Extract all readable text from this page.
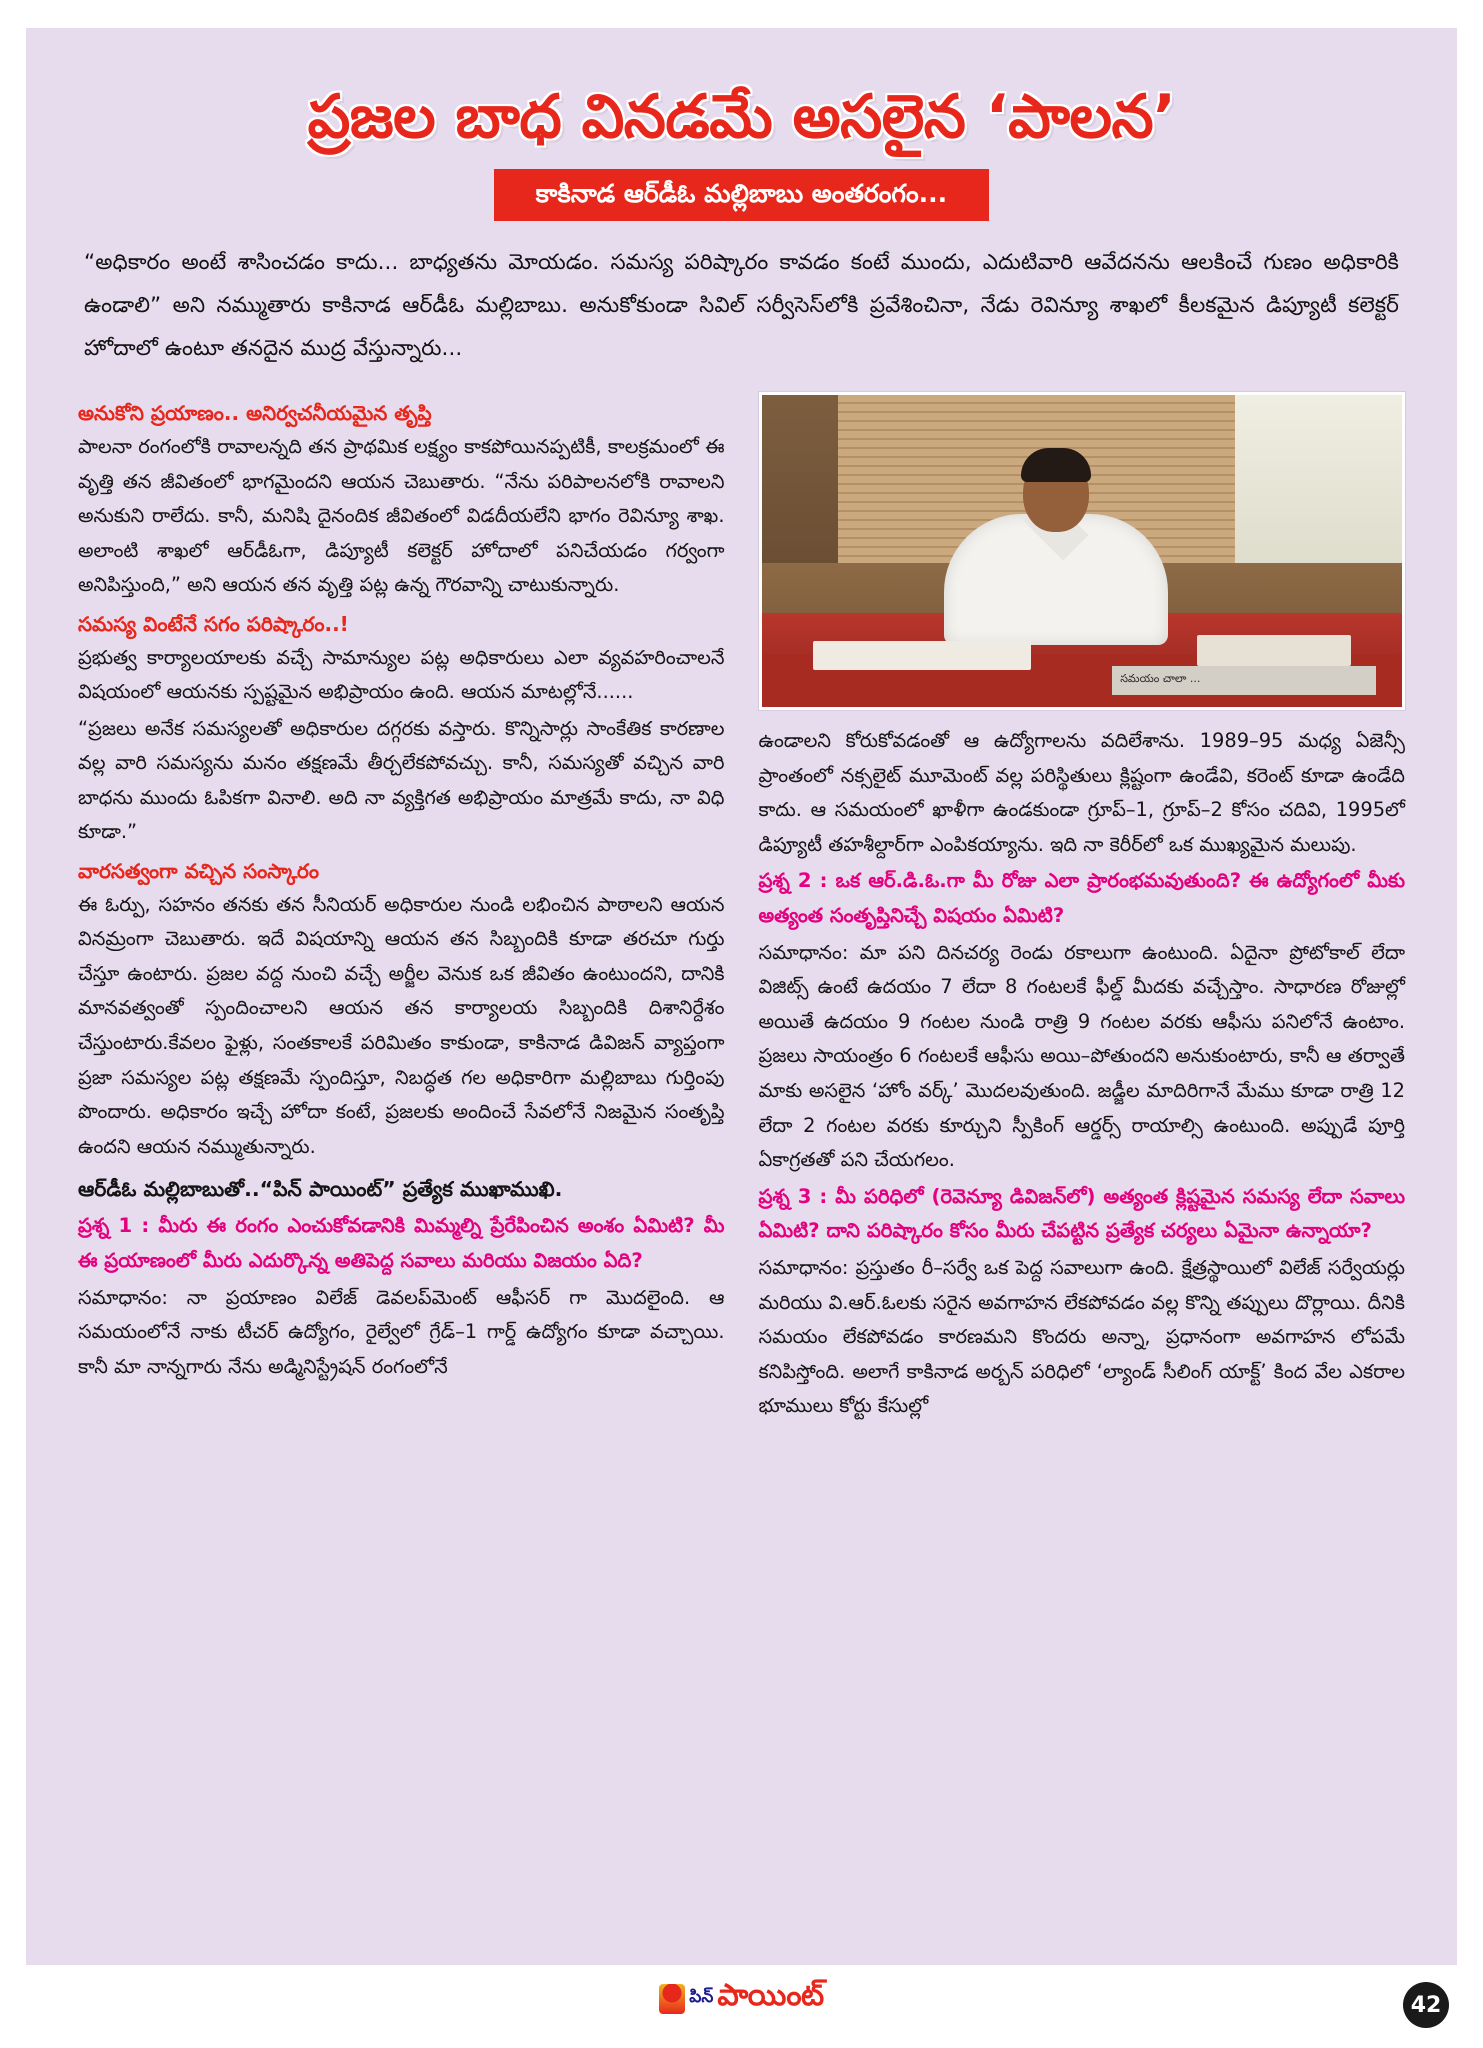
ప్రజల బాధ వినడమే అసలైన ‘పాలన’
కాకినాడ ఆర్‌డీఓ మల్లిబాబు అంతరంగం...

“అధికారం అంటే శాసించడం కాదు... బాధ్యతను మోయడం. సమస్య పరిష్కారం కావడం కంటే ముందు, ఎదుటివారి ఆవేదనను ఆలకించే గుణం అధికారికి ఉండాలి” అని నమ్ముతారు కాకినాడ ఆర్‌డీఓ మల్లిబాబు. అనుకోకుండా సివిల్ సర్వీసెస్‌లోకి ప్రవేశించినా, నేడు రెవిన్యూ శాఖలో కీలకమైన డిప్యూటీ కలెక్టర్ హోదాలో ఉంటూ తనదైన ముద్ర వేస్తున్నారు...

అనుకోని ప్రయాణం.. అనిర్వచనీయమైన తృప్తి

పాలనా రంగంలోకి రావాలన్నది తన ప్రాథమిక లక్ష్యం కాకపోయినప్పటికీ, కాలక్రమంలో ఈ వృత్తి తన జీవితంలో భాగమైందని ఆయన చెబుతారు. “నేను పరిపాలనలోకి రావాలని అనుకుని రాలేదు. కానీ, మనిషి దైనందిక జీవితంలో విడదీయలేని భాగం రెవిన్యూ శాఖ. అలాంటి శాఖలో ఆర్‌డీఓగా, డిప్యూటీ కలెక్టర్ హోదాలో పనిచేయడం గర్వంగా అనిపిస్తుంది,” అని ఆయన తన వృత్తి పట్ల ఉన్న గౌరవాన్ని చాటుకున్నారు.

సమస్య వింటేనే సగం పరిష్కారం..!

ప్రభుత్వ కార్యాలయాలకు వచ్చే సామాన్యుల పట్ల అధికారులు ఎలా వ్యవహరించాలనే విషయంలో ఆయనకు స్పష్టమైన అభిప్రాయం ఉంది. ఆయన మాటల్లోనే......

“ప్రజలు అనేక సమస్యలతో అధికారుల దగ్గరకు వస్తారు. కొన్నిసార్లు సాంకేతిక కారణాల వల్ల వారి సమస్యను మనం తక్షణమే తీర్చలేకపోవచ్చు. కానీ, సమస్యతో వచ్చిన వారి బాధను ముందు ఓపికగా వినాలి. అది నా వ్యక్తిగత అభిప్రాయం మాత్రమే కాదు, నా విధి కూడా.”

వారసత్వంగా వచ్చిన సంస్కారం

ఈ ఓర్పు, సహనం తనకు తన సీనియర్ అధికారుల నుండి లభించిన పాఠాలని ఆయన వినమ్రంగా చెబుతారు. ఇదే విషయాన్ని ఆయన తన సిబ్బందికి కూడా తరచూ గుర్తు చేస్తూ ఉంటారు. ప్రజల వద్ద నుంచి వచ్చే అర్జీల వెనుక ఒక జీవితం ఉంటుందని, దానికి మానవత్వంతో స్పందించాలని ఆయన తన కార్యాలయ సిబ్బందికి దిశానిర్దేశం చేస్తుంటారు.కేవలం ఫైళ్లు, సంతకాలకే పరిమితం కాకుండా, కాకినాడ డివిజన్ వ్యాప్తంగా ప్రజా సమస్యల పట్ల తక్షణమే స్పందిస్తూ, నిబద్ధత గల అధికారిగా మల్లిబాబు గుర్తింపు పొందారు. అధికారం ఇచ్చే హోదా కంటే, ప్రజలకు అందించే సేవలోనే నిజమైన సంతృప్తి ఉందని ఆయన నమ్ముతున్నారు.

ఆర్‌డీఓ మల్లిబాబుతో..“పిన్ పాయింట్” ప్రత్యేక ముఖాముఖి.

ప్రశ్న 1 : మీరు ఈ రంగం ఎంచుకోవడానికి మిమ్మల్ని ప్రేరేపించిన అంశం ఏమిటి? మీ ఈ ప్రయాణంలో మీరు ఎదుర్కొన్న అతిపెద్ద సవాలు మరియు విజయం ఏది?

సమాధానం: నా ప్రయాణం విలేజ్ డెవలప్‌మెంట్ ఆఫీసర్ గా మొదలైంది. ఆ సమయంలోనే నాకు టీచర్ ఉద్యోగం, రైల్వేలో గ్రేడ్–1 గార్డ్ ఉద్యోగం కూడా వచ్చాయి. కానీ మా నాన్నగారు నేను అడ్మినిస్ట్రేషన్ రంగంలోనే

సమయం చాలా ...

ఉండాలని కోరుకోవడంతో ఆ ఉద్యోగాలను వదిలేశాను. 1989–95 మధ్య ఏజెన్సీ ప్రాంతంలో నక్సలైట్ మూమెంట్ వల్ల పరిస్థితులు క్లిష్టంగా ఉండేవి, కరెంట్ కూడా ఉండేది కాదు. ఆ సమయంలో ఖాళీగా ఉండకుండా గ్రూప్–1, గ్రూప్–2 కోసం చదివి, 1995లో డిప్యూటీ తహశీల్దార్‌గా ఎంపికయ్యాను. ఇది నా కెరీర్‌లో ఒక ముఖ్యమైన మలుపు.

ప్రశ్న 2 : ఒక ఆర్.డి.ఓ.గా మీ రోజు ఎలా ప్రారంభమవుతుంది? ఈ ఉద్యోగంలో మీకు అత్యంత సంతృప్తినిచ్చే విషయం ఏమిటి?

సమాధానం: మా పని దినచర్య రెండు రకాలుగా ఉంటుంది. ఏదైనా ప్రోటోకాల్ లేదా విజిట్స్ ఉంటే ఉదయం 7 లేదా 8 గంటలకే ఫీల్డ్ మీదకు వచ్చేస్తాం. సాధారణ రోజుల్లో అయితే ఉదయం 9 గంటల నుండి రాత్రి 9 గంటల వరకు ఆఫీసు పనిలోనే ఉంటాం. ప్రజలు సాయంత్రం 6 గంటలకే ఆఫీసు అయి–పోతుందని అనుకుంటారు, కానీ ఆ తర్వాతే మాకు అసలైన ‘హోం వర్క్’ మొదలవుతుంది. జడ్జీల మాదిరిగానే మేము కూడా రాత్రి 12 లేదా 2 గంటల వరకు కూర్చుని స్పీకింగ్ ఆర్డర్స్ రాయాల్సి ఉంటుంది. అప్పుడే పూర్తి ఏకాగ్రతతో పని చేయగలం.

ప్రశ్న 3 : మీ పరిధిలో (రెవెన్యూ డివిజన్‌లో) అత్యంత క్లిష్టమైన సమస్య లేదా సవాలు ఏమిటి? దాని పరిష్కారం కోసం మీరు చేపట్టిన ప్రత్యేక చర్యలు ఏమైనా ఉన్నాయా?

సమాధానం: ప్రస్తుతం రీ–సర్వే ఒక పెద్ద సవాలుగా ఉంది. క్షేత్రస్థాయిలో విలేజ్ సర్వేయర్లు మరియు వి.ఆర్.ఓలకు సరైన అవగాహన లేకపోవడం వల్ల కొన్ని తప్పులు దొర్లాయి. దీనికి సమయం లేకపోవడం కారణమని కొందరు అన్నా, ప్రధానంగా అవగాహన లోపమే కనిపిస్తోంది. అలాగే కాకినాడ అర్బన్ పరిధిలో ‘ల్యాండ్ సీలింగ్ యాక్ట్’ కింద వేల ఎకరాల భూములు కోర్టు కేసుల్లో

పిన్ పాయింట్	42
